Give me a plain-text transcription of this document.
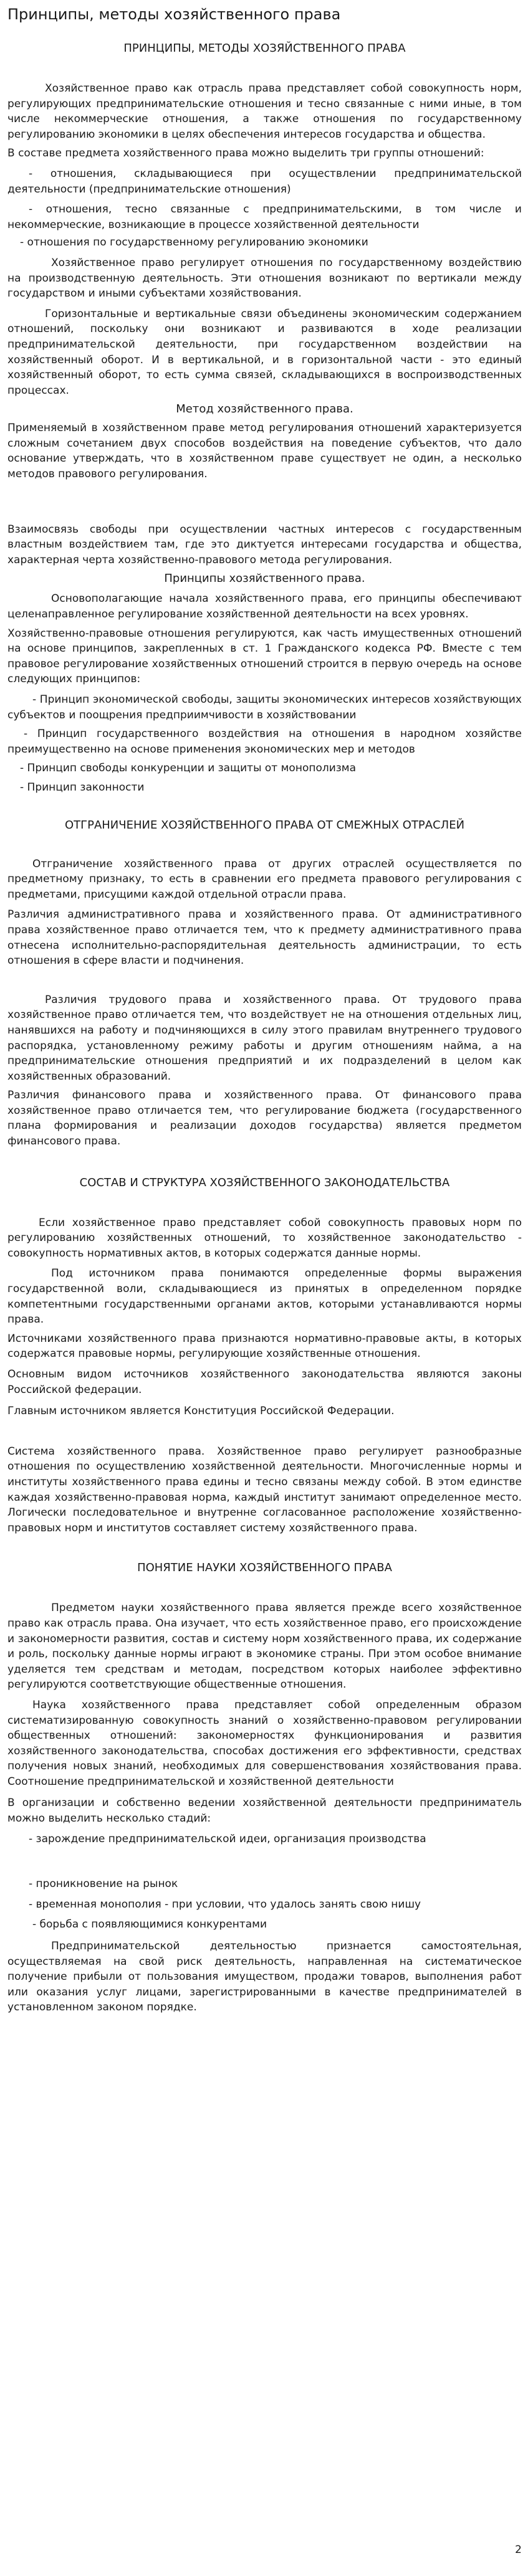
Принципы, методы хозяйственного права
ПРИНЦИПЫ, МЕТОДЫ ХОЗЯЙСТВЕННОГО ПРАВА
Хозяйственное право как отрасль права представляет собой совокупность норм, регулирующих предпринимательские отношения и тесно связанные с ними иные, в том числе некоммерческие отношения, а также отношения по государственному регулированию экономики в целях обеспечения интересов государства и общества.
В составе предмета хозяйственного права можно выделить три группы отношений:
- отношения, складывающиеся при осуществлении предпринимательской деятельности (предпринимательские отношения)
- отношения, тесно связанные с предпринимательскими, в том числе и некоммерческие, возникающие в процессе хозяйственной деятельности
- отношения по государственному регулированию экономики
Хозяйственное право регулирует отношения по государственному воздействию на производственную деятельность. Эти отношения возникают по вертикали между государством и иными субъектами хозяйствования.
Горизонтальные и вертикальные связи объединены экономическим содержанием отношений, поскольку они возникают и развиваются в ходе реализации предпринимательской деятельности, при государственном воздействии на хозяйственный оборот. И в вертикальной, и в горизонтальной части - это единый хозяйственный оборот, то есть сумма связей, складывающихся в воспроизводственных процессах.
Метод хозяйственного права.
Применяемый в хозяйственном праве метод регулирования отношений характеризуется сложным сочетанием двух способов воздействия на поведение субъектов, что дало основание утверждать, что в хозяйственном праве существует не один, а несколько методов правового регулирования.
Взаимосвязь свободы при осуществлении частных интересов с государственным властным воздействием там, где это диктуется интересами государства и общества, характерная черта хозяйственно-правового метода регулирования.
Принципы хозяйственного права.
Основополагающие начала хозяйственного права, его принципы обеспечивают целенаправленное регулирование хозяйственной деятельности на всех уровнях.
Хозяйственно-правовые отношения регулируются, как часть имущественных отношений на основе принципов, закрепленных в ст. 1 Гражданского кодекса РФ. Вместе с тем правовое регулирование хозяйственных отношений строится в первую очередь на основе следующих принципов:
- Принцип экономической свободы, защиты экономических интересов хозяйствующих субъектов и поощрения предприимчивости в хозяйствовании
- Принцип государственного воздействия на отношения в народном хозяйстве преимущественно на основе применения экономических мер и методов
- Принцип свободы конкуренции и защиты от монополизма
- Принцип законности
ОТГРАНИЧЕНИЕ ХОЗЯЙСТВЕННОГО ПРАВА ОТ СМЕЖНЫХ ОТРАСЛЕЙ
Отграничение хозяйственного права от других отраслей осуществляется по предметному признаку, то есть в сравнении его предмета правового регулирования с предметами, присущими каждой отдельной отрасли права.
Различия административного права и хозяйственного права. От административного права хозяйственное право отличается тем, что к предмету административного права отнесена исполнительно-распорядительная деятельность администрации, то есть отношения в сфере власти и подчинения.
Различия трудового права и хозяйственного права. От трудового права хозяйственное право отличается тем, что воздействует не на отношения отдельных лиц, нанявшихся на работу и подчиняющихся в силу этого правилам внутреннего трудового распорядка, установленному режиму работы и другим отношениям найма, а на предпринимательские отношения предприятий и их подразделений в целом как хозяйственных образований.
Различия финансового права и хозяйственного права. От финансового права хозяйственное право отличается тем, что регулирование бюджета (государственного плана формирования и реализации доходов государства) является предметом финансового права.
СОСТАВ И СТРУКТУРА ХОЗЯЙСТВЕННОГО ЗАКОНОДАТЕЛЬСТВА
Если хозяйственное право представляет собой совокупность правовых норм по регулированию хозяйственных отношений, то хозяйственное законодательство - совокупность нормативных актов, в которых содержатся данные нормы.
Под источником права понимаются определенные формы выражения государственной воли, складывающиеся из принятых в определенном порядке компетентными государственными органами актов, которыми устанавливаются нормы права.
Источниками хозяйственного права признаются нормативно-правовые акты, в которых содержатся правовые нормы, регулирующие хозяйственные отношения.
Основным видом источников хозяйственного законодательства являются законы Российской федерации.
Главным источником является Конституция Российской Федерации.
Система хозяйственного права. Хозяйственное право регулирует разнообразные отношения по осуществлению хозяйственной деятельности. Многочисленные нормы и институты хозяйственного права едины и тесно связаны между собой. В этом единстве каждая хозяйственно-правовая норма, каждый институт занимают определенное место. Логически последовательное и внутренне согласованное расположение хозяйственно-правовых норм и институтов составляет систему хозяйственного права.
ПОНЯТИЕ НАУКИ ХОЗЯЙСТВЕННОГО ПРАВА
Предметом науки хозяйственного права является прежде всего хозяйственное право как отрасль права. Она изучает, что есть хозяйственное право, его происхождение и закономерности развития, состав и систему норм хозяйственного права, их содержание и роль, поскольку данные нормы играют в экономике страны. При этом особое внимание уделяется тем средствам и методам, посредством которых наиболее эффективно регулируются соответствующие общественные отношения.
Наука хозяйственного права представляет собой определенным образом систематизированную совокупность знаний о хозяйственно-правовом регулировании общественных отношений: закономерностях функционирования и развития хозяйственного законодательства, способах достижения его эффективности, средствах получения новых знаний, необходимых для совершенствования хозяйствования права. Соотношение предпринимательской и хозяйственной деятельности
В организации и собственно ведении хозяйственной деятельности предприниматель можно выделить несколько стадий:
- зарождение предпринимательской идеи, организация производства
- проникновение на рынок
- временная монополия - при условии, что удалось занять свою нишу
- борьба с появляющимися конкурентами
Предпринимательской деятельностью признается самостоятельная, осуществляемая на свой риск деятельность, направленная на систематическое получение прибыли от пользования имуществом, продажи товаров, выполнения работ или оказания услуг лицами, зарегистрированными в качестве предпринимателей в установленном законом порядке.
2
